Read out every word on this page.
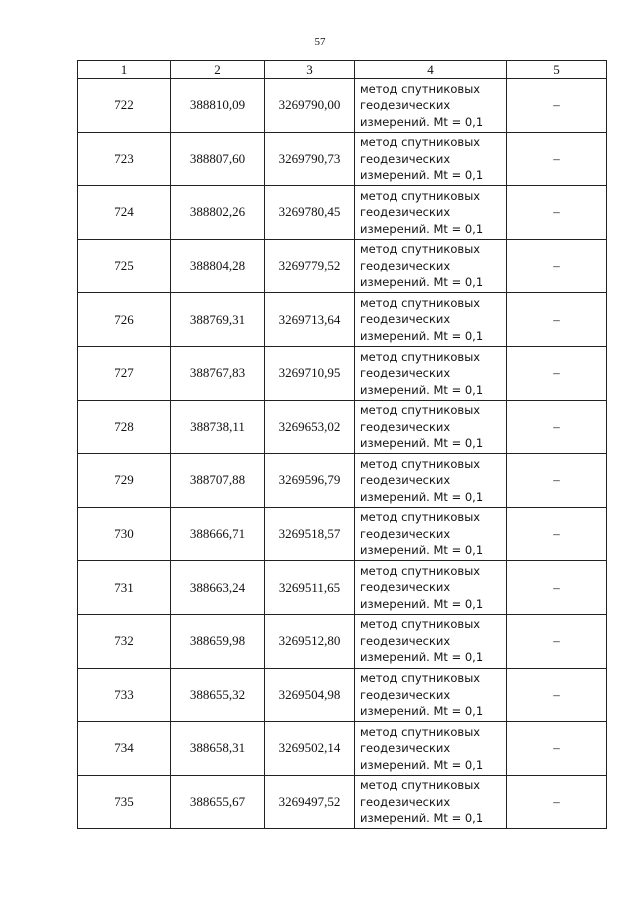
57
1	2	3	4	5
722	388810,09	3269790,00	метод спутниковых
геодезических
измерений. Mt = 0,1	–
723	388807,60	3269790,73	метод спутниковых
геодезических
измерений. Mt = 0,1	–
724	388802,26	3269780,45	метод спутниковых
геодезических
измерений. Mt = 0,1	–
725	388804,28	3269779,52	метод спутниковых
геодезических
измерений. Mt = 0,1	–
726	388769,31	3269713,64	метод спутниковых
геодезических
измерений. Mt = 0,1	–
727	388767,83	3269710,95	метод спутниковых
геодезических
измерений. Mt = 0,1	–
728	388738,11	3269653,02	метод спутниковых
геодезических
измерений. Mt = 0,1	–
729	388707,88	3269596,79	метод спутниковых
геодезических
измерений. Mt = 0,1	–
730	388666,71	3269518,57	метод спутниковых
геодезических
измерений. Mt = 0,1	–
731	388663,24	3269511,65	метод спутниковых
геодезических
измерений. Mt = 0,1	–
732	388659,98	3269512,80	метод спутниковых
геодезических
измерений. Mt = 0,1	–
733	388655,32	3269504,98	метод спутниковых
геодезических
измерений. Mt = 0,1	–
734	388658,31	3269502,14	метод спутниковых
геодезических
измерений. Mt = 0,1	–
735	388655,67	3269497,52	метод спутниковых
геодезических
измерений. Mt = 0,1	–
